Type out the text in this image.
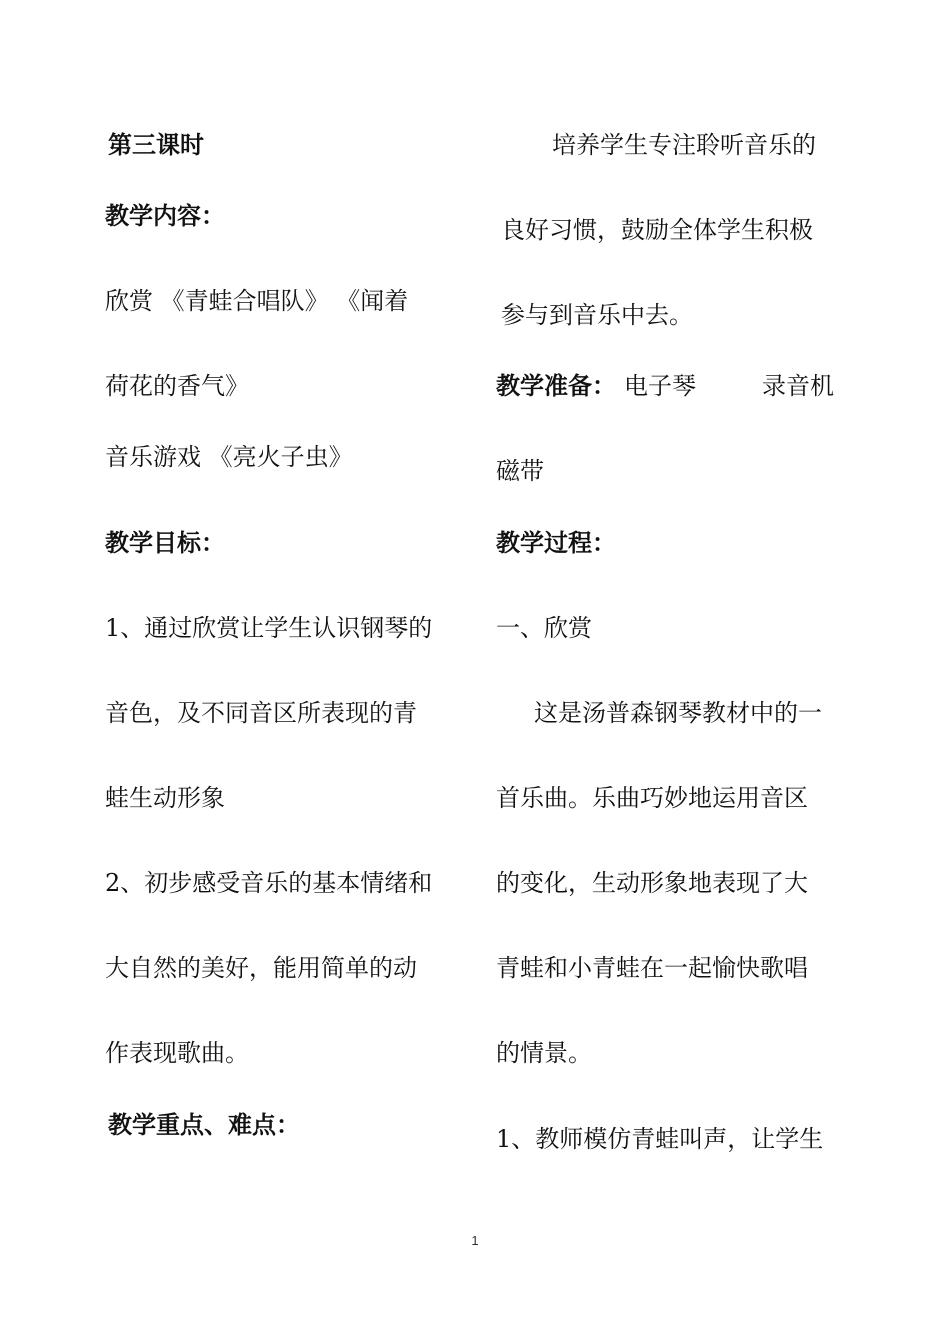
第三课时
教学内容：
欣赏 《青蛙合唱队》 《闻着
荷花的香气》
音乐游戏 《亮火子虫》
教学目标：
1、通过欣赏让学生认识钢琴的
音色，及不同音区所表现的青
蛙生动形象
2、初步感受音乐的基本情绪和
大自然的美好，能用简单的动
作表现歌曲。
教学重点、难点：
培养学生专注聆听音乐的
良好习惯，鼓励全体学生积极
参与到音乐中去。
教学准备： 电子琴	录音机
磁带
教学过程：
一、欣赏
这是汤普森钢琴教材中的一
首乐曲。乐曲巧妙地运用音区
的变化，生动形象地表现了大
青蛙和小青蛙在一起愉快歌唱
的情景。
1、教师模仿青蛙叫声，让学生
1
